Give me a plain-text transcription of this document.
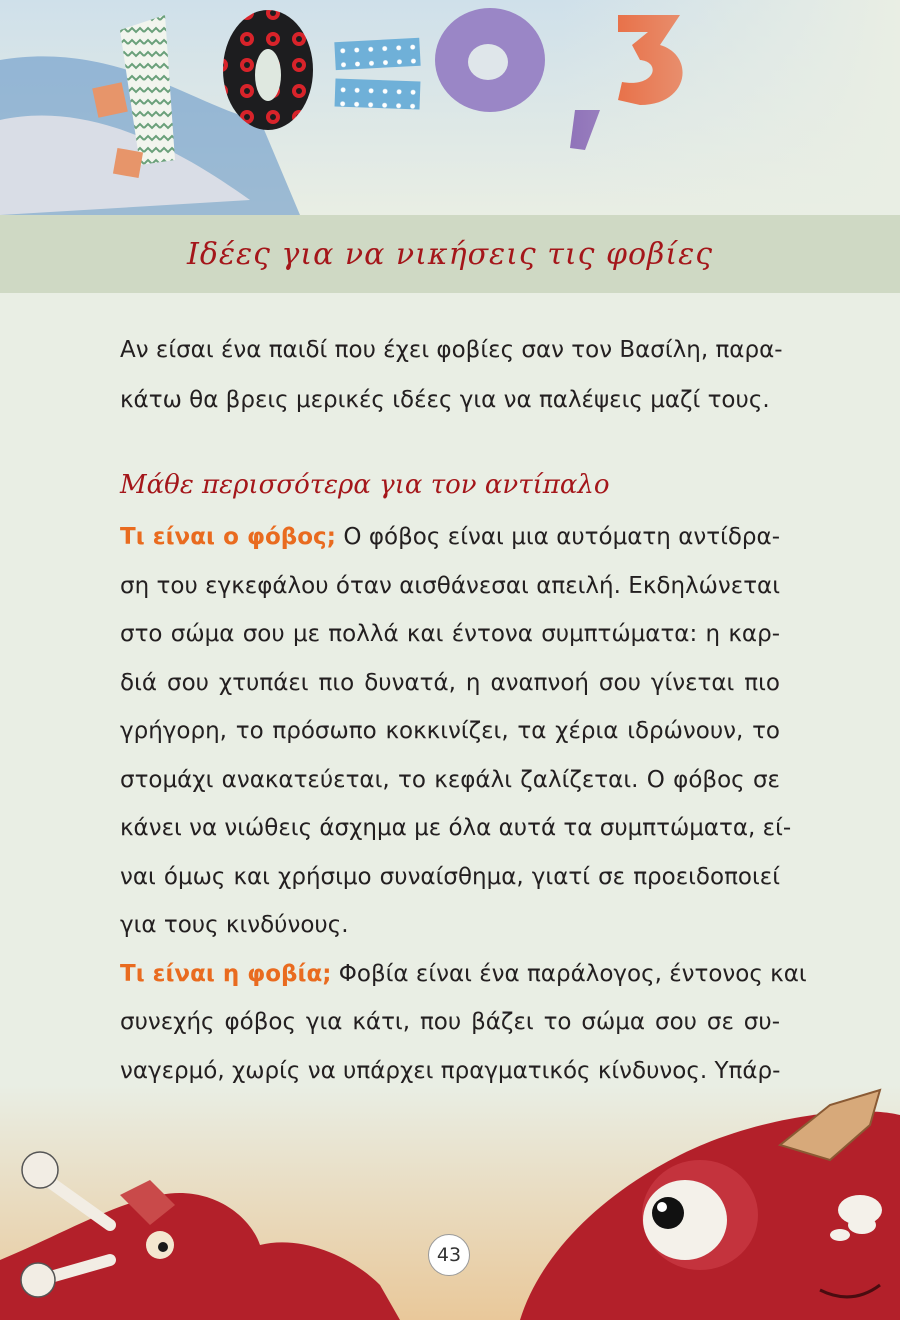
Ιδέες για να νικήσεις τις φοβίες

Αν είσαι ένα παιδί που έχει φοβίες σαν τον Βασίλη, παρα-
κάτω θα βρεις μερικές ιδέες για να παλέψεις μαζί τους.

Μάθε περισσότερα για τον αντίπαλο

Τι είναι ο φόβος; Ο φόβος είναι μια αυτόματη αντίδρα-
ση του εγκεφάλου όταν αισθάνεσαι απειλή. Εκδηλώνεται
στο σώμα σου με πολλά και έντονα συμπτώματα: η καρ-
διά σου χτυπάει πιο δυνατά, η αναπνοή σου γίνεται πιο
γρήγορη, το πρόσωπο κοκκινίζει, τα χέρια ιδρώνουν, το
στομάχι ανακατεύεται, το κεφάλι ζαλίζεται. Ο φόβος σε
κάνει να νιώθεις άσχημα με όλα αυτά τα συμπτώματα, εί-
ναι όμως και χρήσιμο συναίσθημα, γιατί σε προειδοποιεί
για τους κινδύνους.
Τι είναι η φοβία; Φοβία είναι ένα παράλογος, έντονος και
συνεχής φόβος για κάτι, που βάζει το σώμα σου σε συ-
ναγερμό, χωρίς να υπάρχει πραγματικός κίνδυνος. Υπάρ-

43
